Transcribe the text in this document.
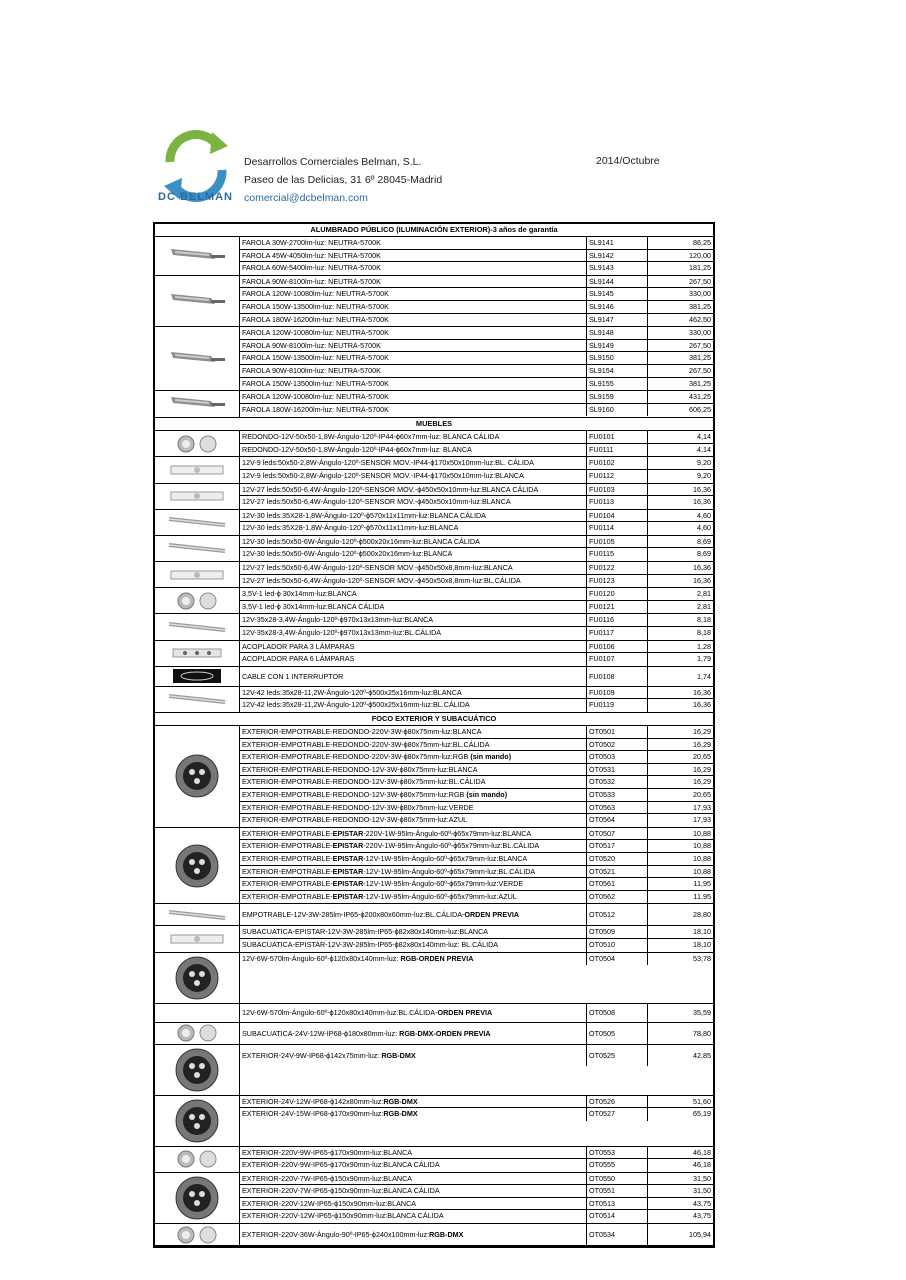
DC BELMAN
Desarrollos Comerciales Belman, S.L.
Paseo de las Delicias, 31 6º 28045-Madrid
comercial@dcbelman.com
2014/Octubre
ALUMBRADO PÚBLICO (ILUMINACIÓN EXTERIOR)-3 años de garantía
FAROLA 30W-2700lm-luz: NEUTRA-5700K	SL9141	86,25
FAROLA 45W-4050lm-luz: NEUTRA-5700K	SL9142	120,00
FAROLA 60W-5400lm-luz: NEUTRA-5700K	SL9143	181,25
FAROLA 90W-8100lm-luz: NEUTRA-5700K	SL9144	267,50
FAROLA 120W-10080lm-luz: NEUTRA-5700K	SL9145	330,00
FAROLA 150W-13500lm-luz: NEUTRA-5700K	SL9146	381,25
FAROLA 180W-16200lm-luz: NEUTRA-5700K	SL9147	462,50
FAROLA 120W-10080lm-luz: NEUTRA-5700K	SL9148	330,00
FAROLA 90W-8100lm-luz: NEUTRA-5700K	SL9149	267,50
FAROLA 150W-13500lm-luz: NEUTRA-5700K	SL9150	381,25
FAROLA 90W-8100lm-luz: NEUTRA-5700K	SL9154	267,50
FAROLA 150W-13500lm-luz: NEUTRA-5700K	SL9155	381,25
FAROLA 120W-10080lm-luz: NEUTRA-5700K	SL9159	431,25
FAROLA 180W-16200lm-luz: NEUTRA-5700K	SL9160	606,25
MUEBLES
REDONDO-12V-50x50-1,8W-Ángulo-120º-IP44-ϕ60x7mm-luz: BLANCA CÁLIDA	FU0101	4,14
REDONDO-12V-50x50-1,8W-Ángulo-120º-IP44-ϕ60x7mm-luz: BLANCA	FU0111	4,14
12V-9 leds:50x50-2,8W-Ángulo-120º-SENSOR MOV.-IP44-ϕ170x50x10mm-luz:BL. CÁLIDA	FU0102	9,20
12V-9 leds:50x50-2,8W-Ángulo-120º-SENSOR MOV.-IP44-ϕ170x50x10mm-luz:BLANCA	FU0112	9,20
12V-27 leds:50x50-6,4W-Ángulo-120º-SENSOR MOV.-ϕ450x50x10mm-luz:BLANCA CÁLIDA	FU0103	16,36
12V-27 leds:50x50-6,4W-Ángulo-120º-SENSOR MOV.-ϕ450x50x10mm-luz:BLANCA	FU0113	16,36
12V-30 leds:35X28-1,8W-Ángulo-120º-ϕ570x11x11mm-luz:BLANCA CÁLIDA	FU0104	4,60
12V-30 leds:35X28-1,8W-Ángulo-120º-ϕ570x11x11mm-luz:BLANCA	FU0114	4,60
12V-30 leds:50x50-6W-Ángulo-120º-ϕ500x20x16mm-luz:BLANCA CÁLIDA	FU0105	8,69
12V-30 leds:50x50-6W-Ángulo-120º-ϕ500x20x16mm-luz:BLANCA	FU0115	8,69
12V-27 leds:50x50-6,4W-Ángulo-120º-SENSOR MOV.-ϕ450x50x8,8mm-luz:BLANCA	FU0122	16,36
12V-27 leds:50x50-6,4W-Ángulo-120º-SENSOR MOV.-ϕ450x50x8,8mm-luz:BL.CÁLIDA	FU0123	16,36
3,5V-1 led-ϕ 30x14mm-luz:BLANCA	FU0120	2,81
3,5V-1 led-ϕ 30x14mm-luz:BLANCA CÁLIDA	FU0121	2,81
12V-35x28-3,4W-Ángulo-120º-ϕ970x13x13mm-luz:BLANCA	FU0116	8,18
12V-35x28-3,4W-Ángulo-120º-ϕ970x13x13mm-luz:BL.CÁLIDA	FU0117	8,18
ACOPLADOR PARA 3 LÁMPARAS	FU0106	1,28
ACOPLADOR PARA 6 LÁMPARAS	FU0107	1,79
CABLE CON 1 INTERRUPTOR	FU0108	1,74
12V-42 leds:35x28-11,2W-Ángulo-120º-ϕ500x25x16mm-luz:BLANCA	FU0109	16,36
12V-42 leds:35x28-11,2W-Ángulo-120º-ϕ500x25x16mm-luz:BL.CÁLIDA	FU0119	16,36
FOCO EXTERIOR Y SUBACUÁTICO
EXTERIOR-EMPOTRABLE-REDONDO-220V-3W-ϕ80x75mm-luz:BLANCA	OT0501	16,29
EXTERIOR-EMPOTRABLE-REDONDO-220V-3W-ϕ80x75mm-luz:BL.CÁLIDA	OT0502	16,29
EXTERIOR-EMPOTRABLE-REDONDO-220V-3W-ϕ80x75mm-luz:RGB (sin mando)	OT0503	20,65
EXTERIOR-EMPOTRABLE-REDONDO-12V-3W-ϕ80x75mm-luz:BLANCA	OT0531	16,29
EXTERIOR-EMPOTRABLE-REDONDO-12V-3W-ϕ80x75mm-luz:BL.CÁLIDA	OT0532	16,29
EXTERIOR-EMPOTRABLE-REDONDO-12V-3W-ϕ80x75mm-luz:RGB (sin mando)	OT0533	20,65
EXTERIOR-EMPOTRABLE-REDONDO-12V-3W-ϕ80x75mm-luz:VERDE	OT0563	17,93
EXTERIOR-EMPOTRABLE-REDONDO-12V-3W-ϕ80x75mm-luz:AZUL	OT0564	17,93
EXTERIOR-EMPOTRABLE-EPISTAR-220V-1W-95lm-Ángulo-60º-ϕ65x79mm-luz:BLANCA	OT0507	10,88
EXTERIOR-EMPOTRABLE-EPISTAR-220V-1W-95lm-Ángulo-60º-ϕ65x79mm-luz:BL.CÁLIDA	OT0517	10,88
EXTERIOR-EMPOTRABLE-EPISTAR-12V-1W-95lm-Ángulo-60º-ϕ65x79mm-luz:BLANCA	OT0520	10,88
EXTERIOR-EMPOTRABLE-EPISTAR-12V-1W-95lm-Ángulo-60º-ϕ65x79mm-luz:BL.CÁLIDA	OT0521	10,88
EXTERIOR-EMPOTRABLE-EPISTAR-12V-1W-95lm-Ángulo-60º-ϕ65x79mm-luz:VERDE	OT0561	11,95
EXTERIOR-EMPOTRABLE-EPISTAR-12V-1W-95lm-Ángulo-60º-ϕ65x79mm-luz:AZUL	OT0562	11,95
EMPOTRABLE-12V-3W-285lm-IP65-ϕ200x80x60mm-luz:BL.CÁLIDA-ORDEN PREVIA	OT0512	28,80
SUBACUATICA-EPISTAR-12V-3W-285lm-IP65-ϕ82x80x140mm-luz:BLANCA	OT0509	18,10
SUBACUATICA-EPISTAR-12V-3W-285lm-IP65-ϕ82x80x140mm-luz: BL.CÁLIDA	OT0510	18,10
12V-6W-570lm-Ángulo-60º-ϕ120x80x140mm-luz: RGB-ORDEN PREVIA	OT0504	53,78
12V-6W-570lm-Ángulo-60º-ϕ120x80x140mm-luz:BL.CÁLIDA-ORDEN PREVIA	OT0508	35,59
SUBACUATICA-24V-12W-IP68-ϕ180x80mm-luz: RGB-DMX-ORDEN PREVIA	OT0505	78,80
EXTERIOR-24V-9W-IP68-ϕ142x75mm-luz: RGB-DMX	OT0525	42,85
EXTERIOR-24V-12W-IP68-ϕ142x80mm-luz:RGB-DMX	OT0526	51,60
EXTERIOR-24V-15W-IP68-ϕ170x90mm-luz:RGB-DMX	OT0527	65,19
EXTERIOR-220V-9W-IP65-ϕ170x90mm-luz:BLANCA	OT0553	46,18
EXTERIOR-220V-9W-IP65-ϕ170x90mm-luz:BLANCA CÁLIDA	OT0555	46,18
EXTERIOR-220V-7W-IP65-ϕ150x90mm-luz:BLANCA	OT0550	31,50
EXTERIOR-220V-7W-IP65-ϕ150x90mm-luz:BLANCA CÁLIDA	OT0551	31,50
EXTERIOR-220V-12W-IP65-ϕ150x90mm-luz:BLANCA	OT0513	43,75
EXTERIOR-220V-12W-IP65-ϕ150x90mm-luz:BLANCA CÁLIDA	OT0514	43,75
EXTERIOR-220V-36W-Ángulo-90º-IP65-ϕ240x100mm-luz:RGB-DMX	OT0534	105,94
